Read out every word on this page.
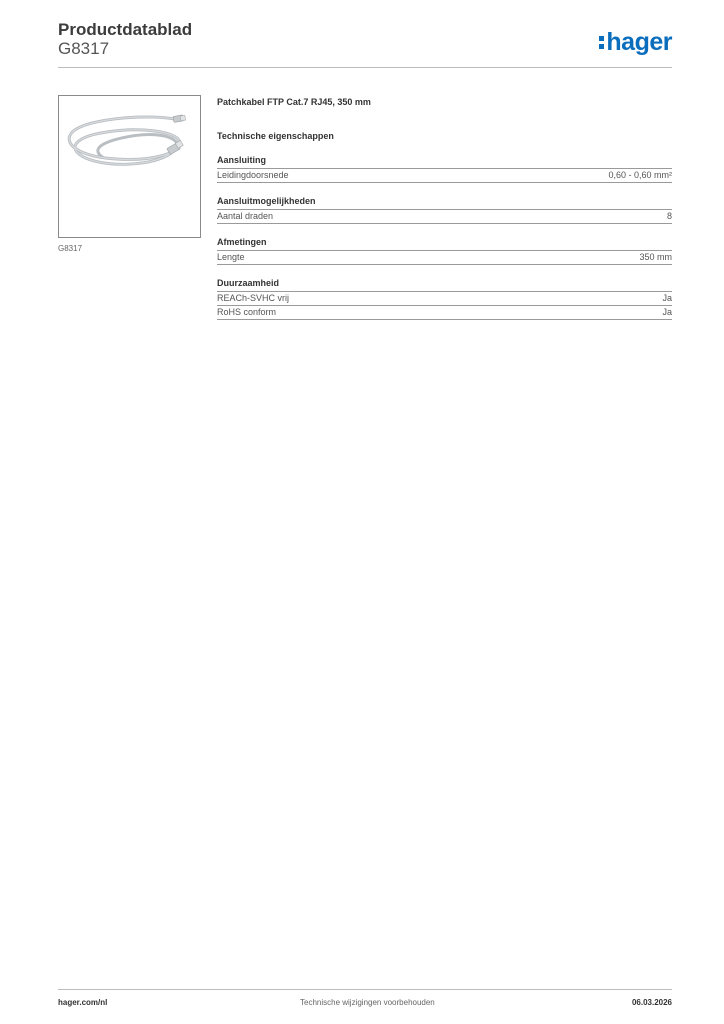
Productdatablad
G8317	hager
G8317
Patchkabel FTP Cat.7 RJ45, 350 mm
Technische eigenschappen
Aansluiting
Leidingdoorsnede	0,60 - 0,60 mm²
Aansluitmogelijkheden
Aantal draden	8
Afmetingen
Lengte	350 mm
Duurzaamheid
REACh-SVHC vrij	Ja
RoHS conform	Ja
hager.com/nl	Technische wijzigingen voorbehouden	06.03.2026
